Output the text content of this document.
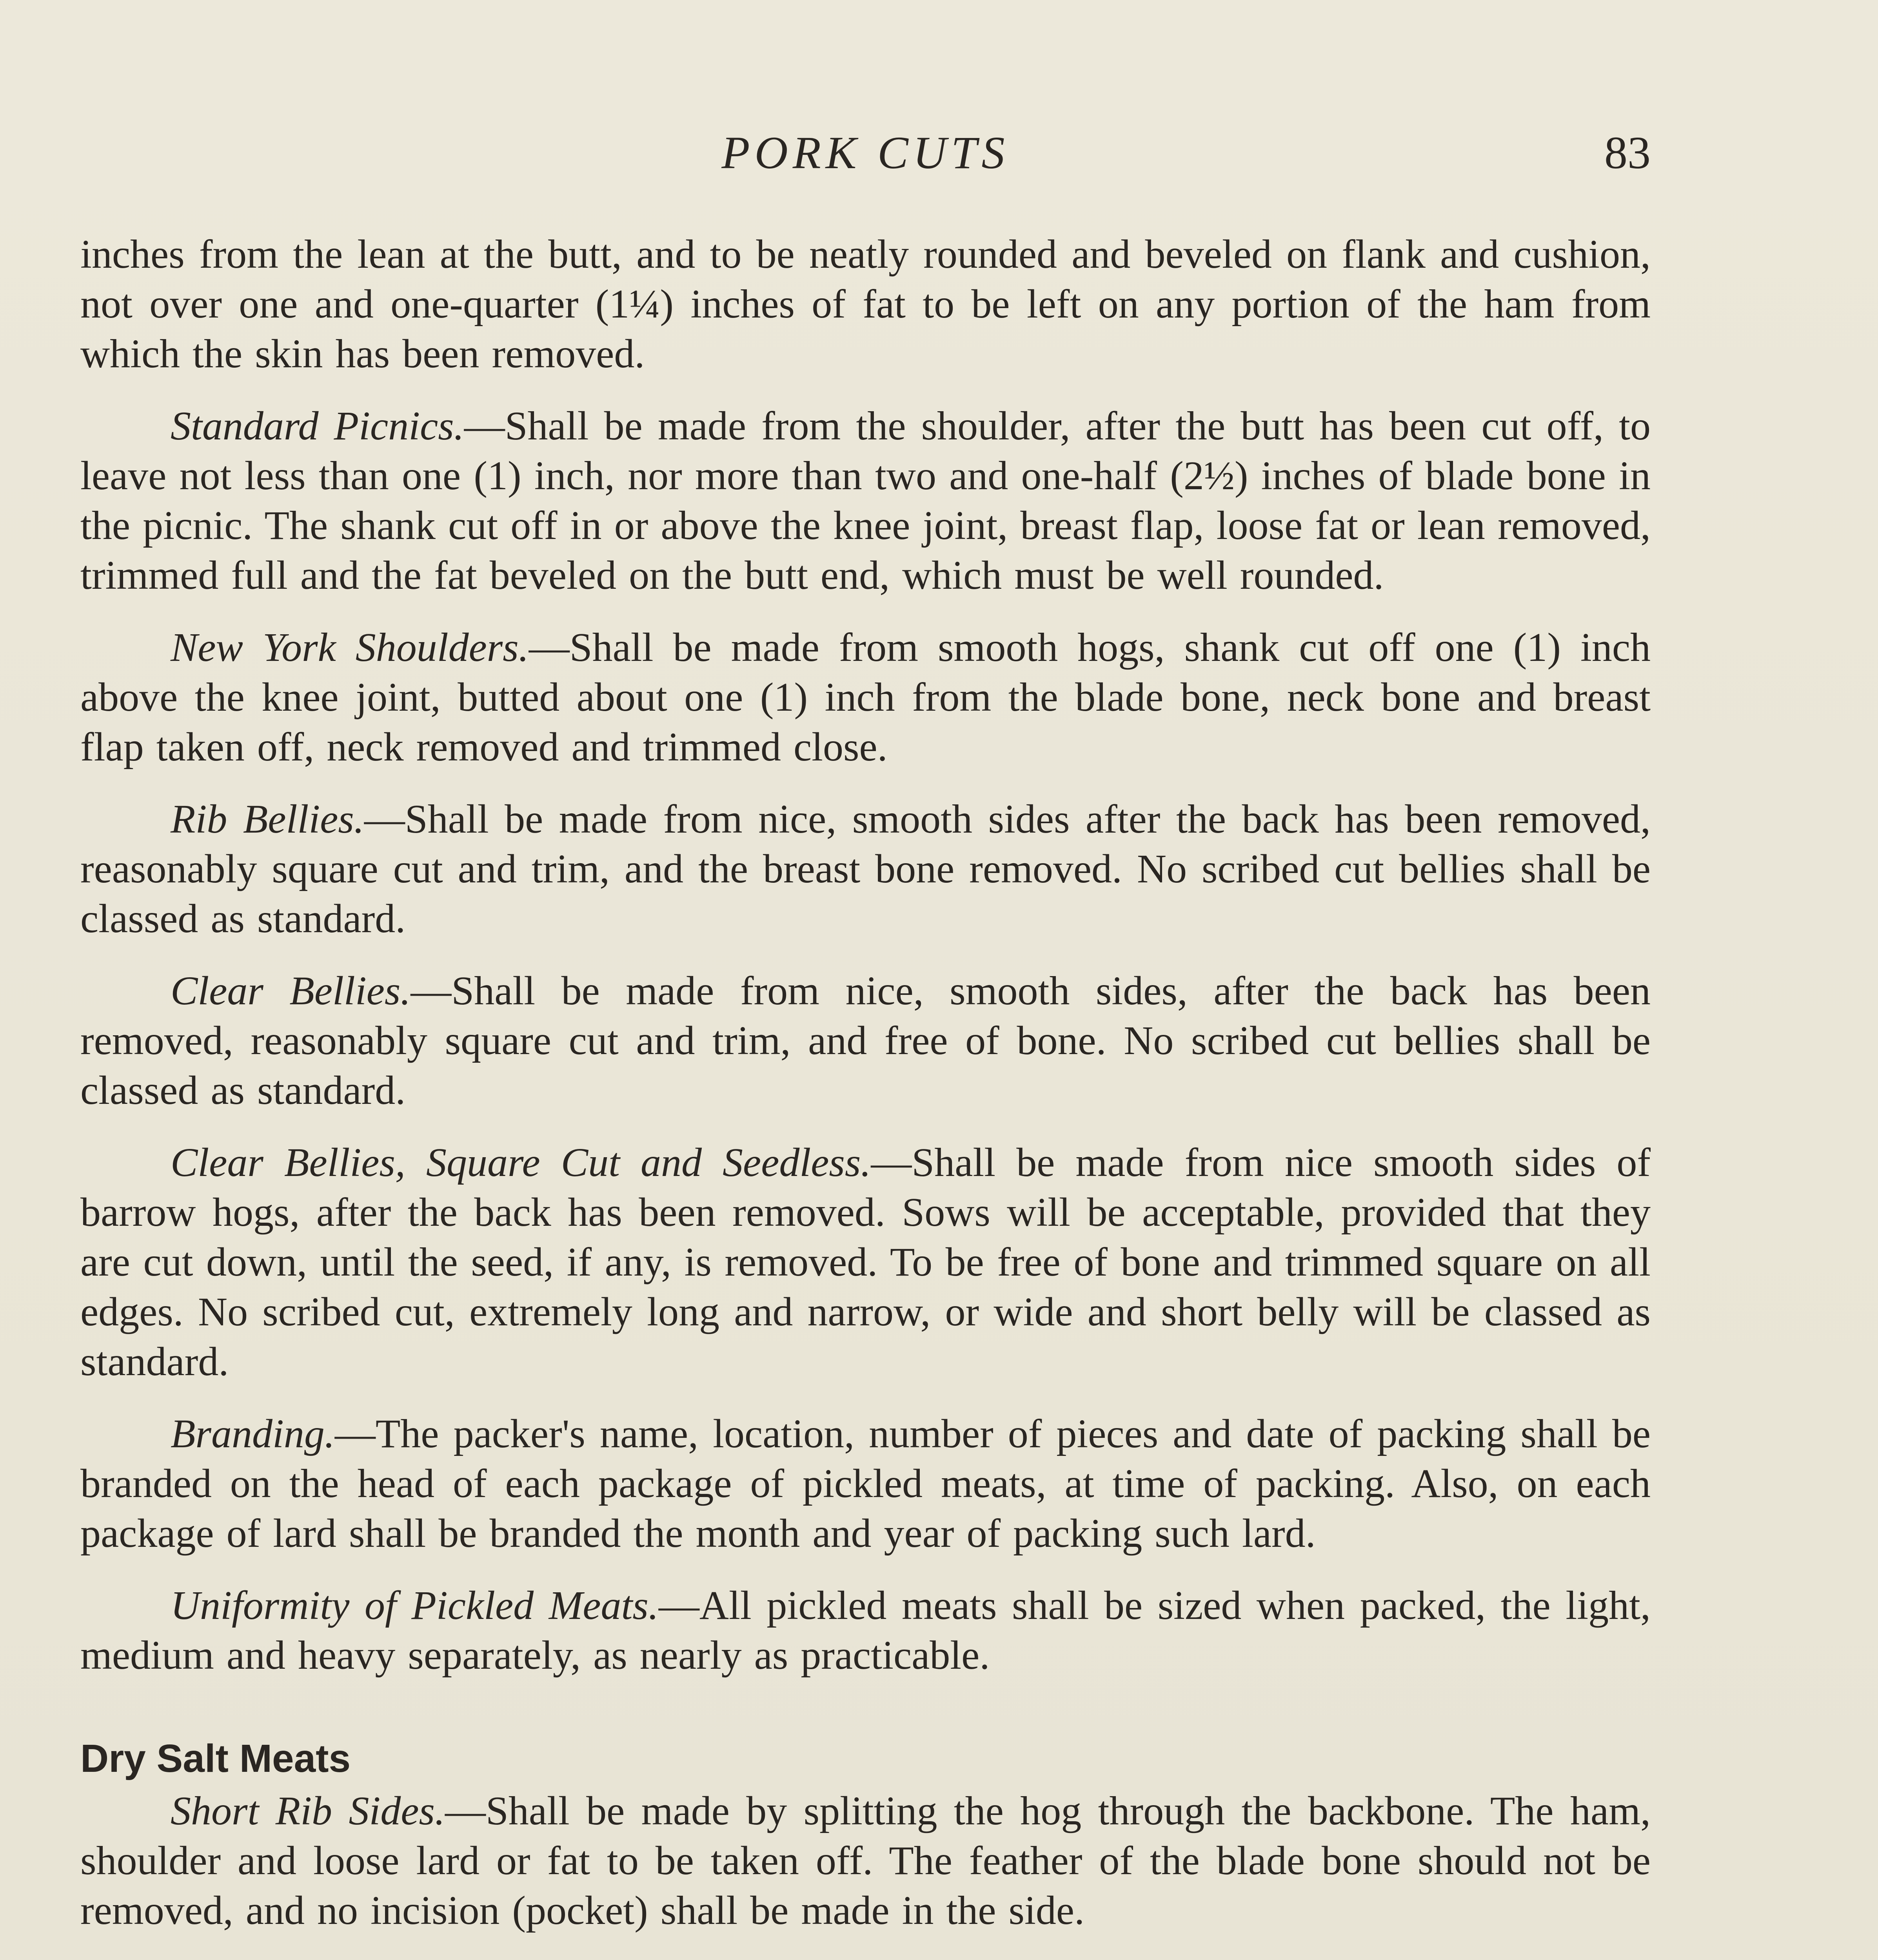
PORK CUTS	83

inches from the lean at the butt, and to be neatly rounded and beveled on flank and cushion, not over one and one-quarter (1¼) inches of fat to be left on any portion of the ham from which the skin has been removed.

Standard Picnics.—Shall be made from the shoulder, after the butt has been cut off, to leave not less than one (1) inch, nor more than two and one-half (2½) inches of blade bone in the picnic. The shank cut off in or above the knee joint, breast flap, loose fat or lean removed, trimmed full and the fat beveled on the butt end, which must be well rounded.

New York Shoulders.—Shall be made from smooth hogs, shank cut off one (1) inch above the knee joint, butted about one (1) inch from the blade bone, neck bone and breast flap taken off, neck removed and trimmed close.

Rib Bellies.—Shall be made from nice, smooth sides after the back has been removed, reasonably square cut and trim, and the breast bone removed. No scribed cut bellies shall be classed as standard.

Clear Bellies.—Shall be made from nice, smooth sides, after the back has been removed, reasonably square cut and trim, and free of bone. No scribed cut bellies shall be classed as standard.

Clear Bellies, Square Cut and Seedless.—Shall be made from nice smooth sides of barrow hogs, after the back has been removed. Sows will be acceptable, provided that they are cut down, until the seed, if any, is removed. To be free of bone and trimmed square on all edges. No scribed cut, extremely long and narrow, or wide and short belly will be classed as standard.

Branding.—The packer's name, location, number of pieces and date of packing shall be branded on the head of each package of pickled meats, at time of packing. Also, on each package of lard shall be branded the month and year of packing such lard.

Uniformity of Pickled Meats.—All pickled meats shall be sized when packed, the light, medium and heavy separately, as nearly as practicable.

Dry Salt Meats

Short Rib Sides.—Shall be made by splitting the hog through the backbone. The ham, shoulder and loose lard or fat to be taken off. The feather of the blade bone should not be removed, and no incision (pocket) shall be made in the side.
